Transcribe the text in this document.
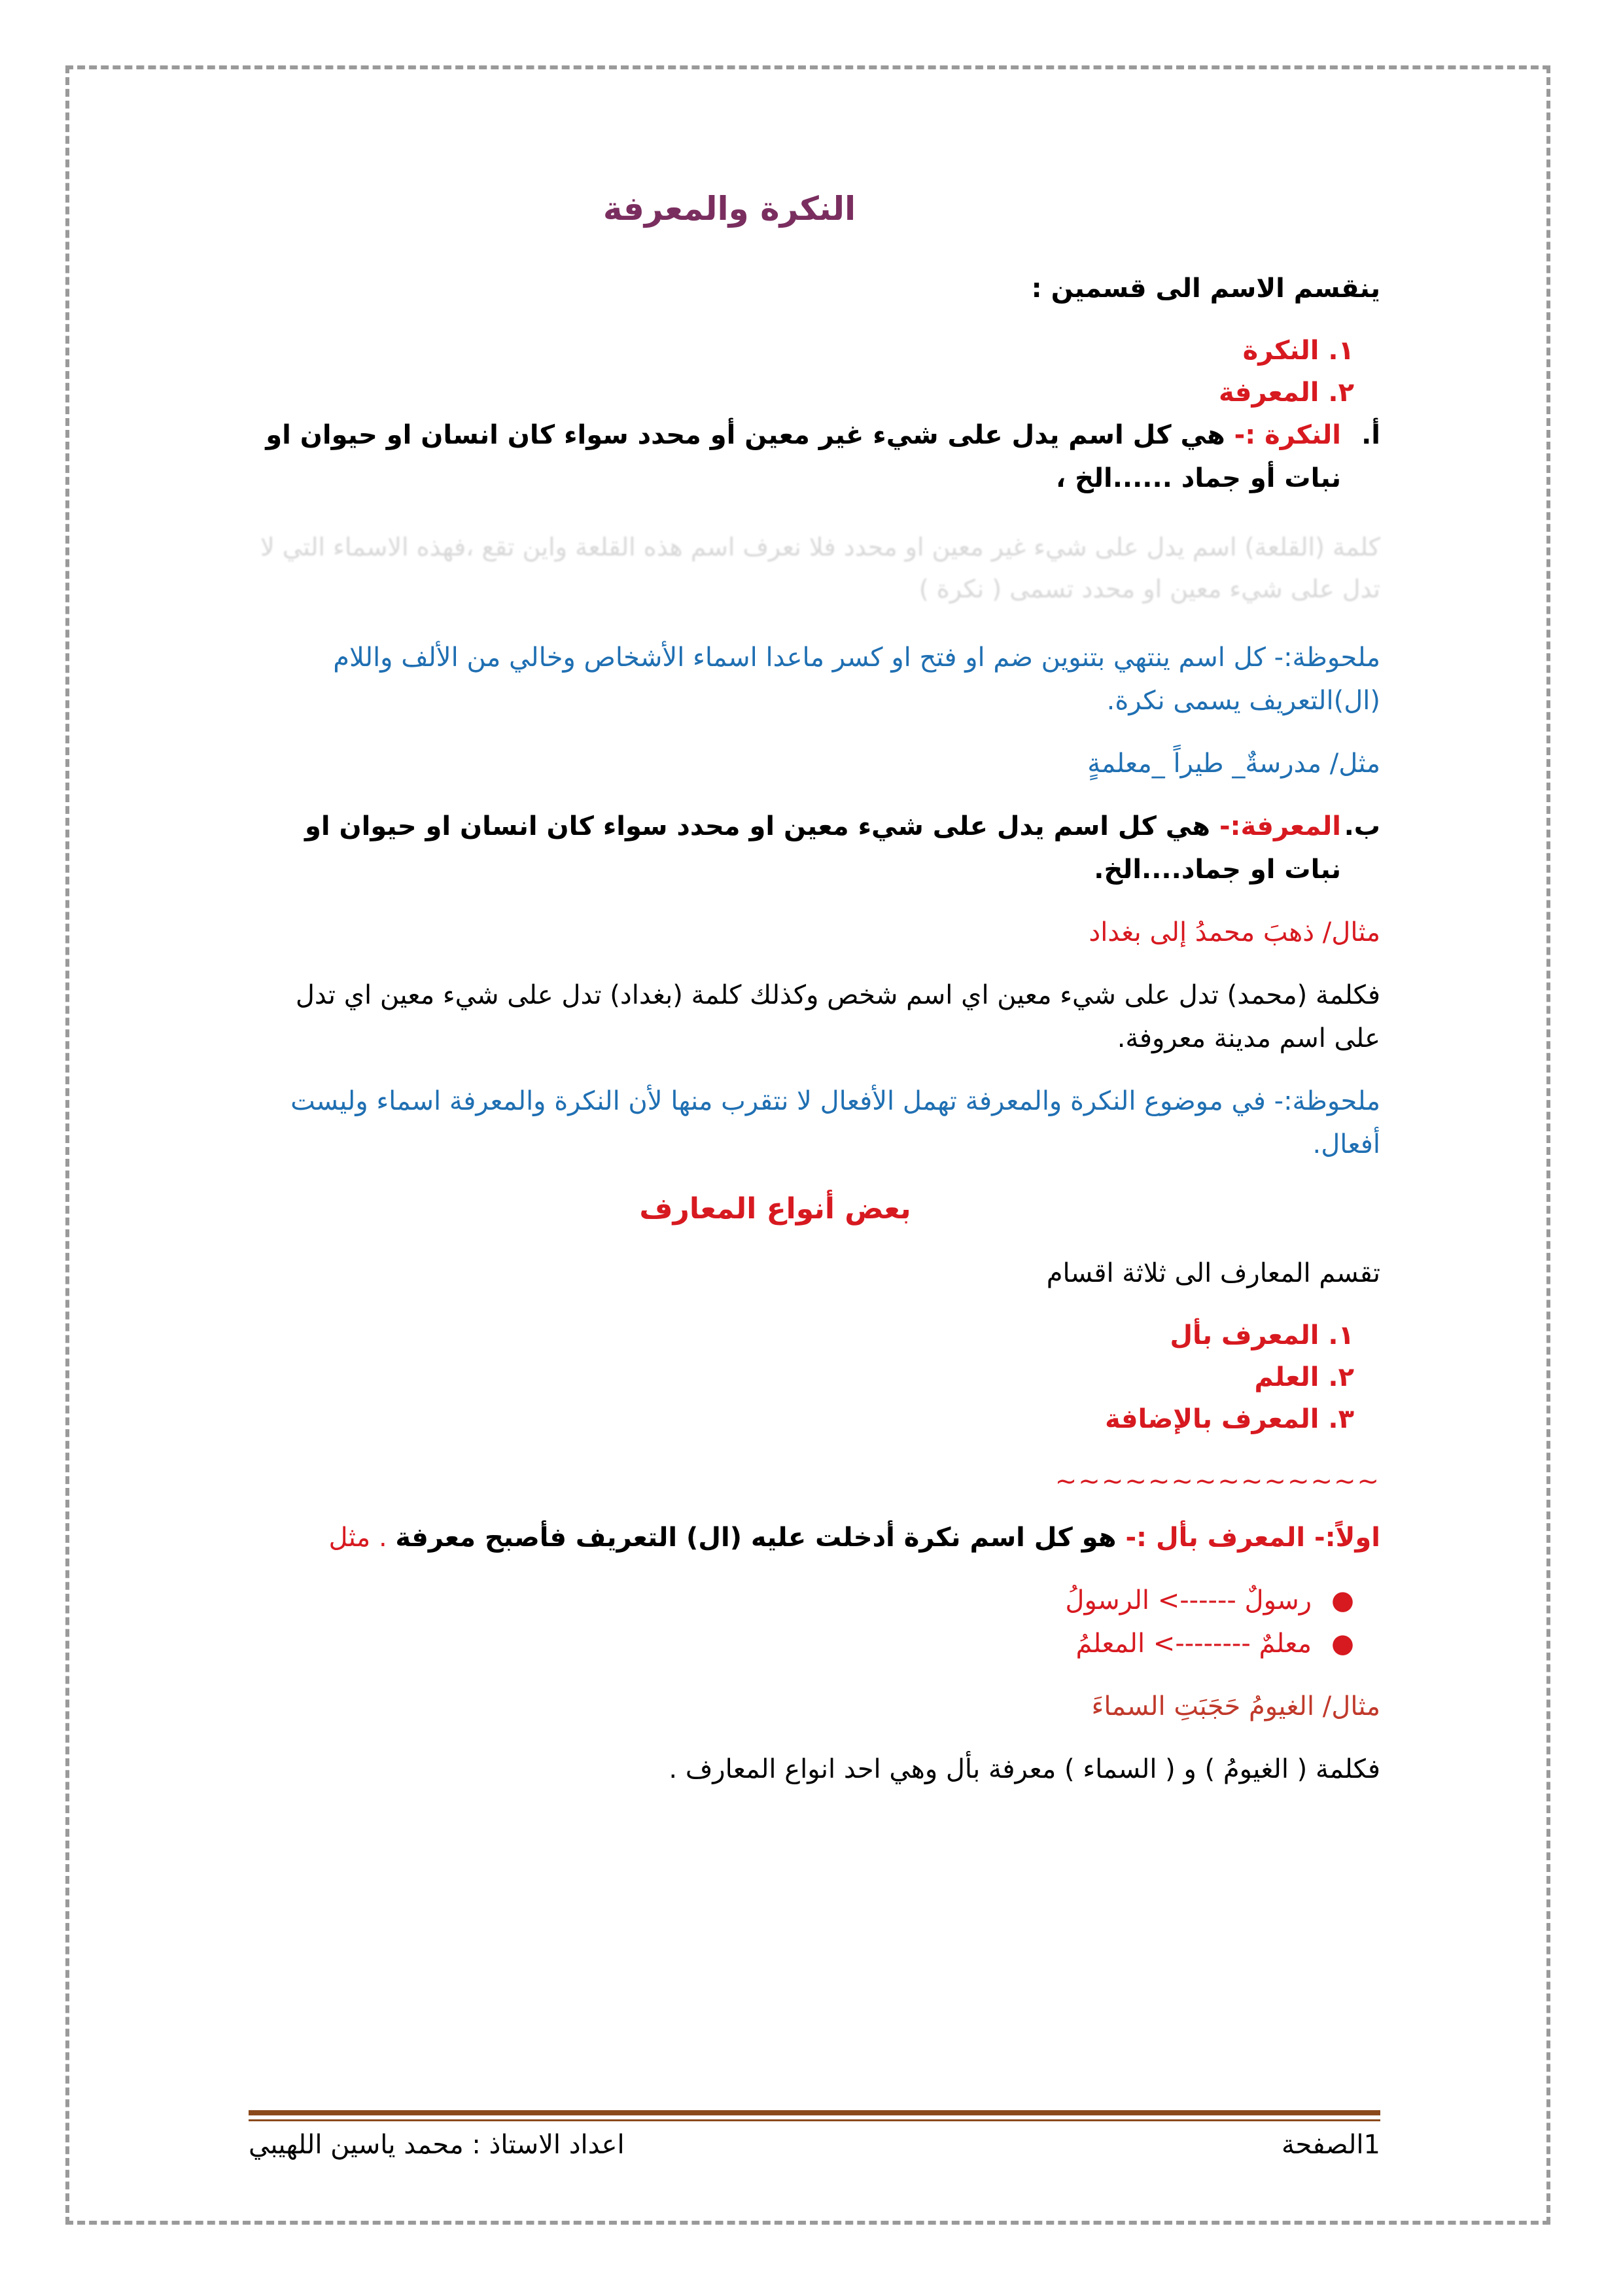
النكرة والمعرفة
ينقسم الاسم الى قسمين :
١. النكرة
٢. المعرفة
أ.
النكرة :- هي كل اسم يدل على شيء غير معين أو محدد سواء كان انسان او حيوان او نبات أو جماد ......الخ ،
كلمة (القلعة) اسم يدل على شيء غير معين او محدد فلا نعرف اسم هذه القلعة واين تقع ،فهذه الاسماء التي لا تدل على شيء معين او محدد تسمى ( نكرة )
ملحوظة:- كل اسم ينتهي بتنوين ضم او فتح او كسر ماعدا اسماء الأشخاص وخالي من الألف واللام (ال)التعريف يسمى نكرة.
مثل/ مدرسةٌ_ طيراً _معلمةٍ
ب.
المعرفة:- هي كل اسم يدل على شيء معين او محدد سواء كان انسان او حيوان او نبات او جماد....الخ.
مثال/ ذهبَ محمدُ إلى بغداد
فكلمة (محمد) تدل على شيء معين اي اسم شخص وكذلك كلمة (بغداد) تدل على شيء معين اي تدل على اسم مدينة معروفة.
ملحوظة:- في موضوع النكرة والمعرفة تهمل الأفعال لا نتقرب منها لأن النكرة والمعرفة اسماء وليست أفعال.
بعض أنواع المعارف
تقسم المعارف الى ثلاثة اقسام
١. المعرف بأل
٢. العلم
٣. المعرف بالإضافة
~~~~~~~~~~~~~~
اولاً:- المعرف بأل :- هو كل اسم نكرة أدخلت عليه (ال) التعريف فأصبح معرفة . مثل
●رسولٌ ------> الرسولُ
●معلمٌ --------> المعلمُ
مثال/ الغيومُ حَجَبَتِ السماءَ
فكلمة ( الغيومُ ) و ( السماء ) معرفة بأل وهي احد انواع المعارف .
1الصفحة
اعداد الاستاذ : محمد ياسين اللهيبي
